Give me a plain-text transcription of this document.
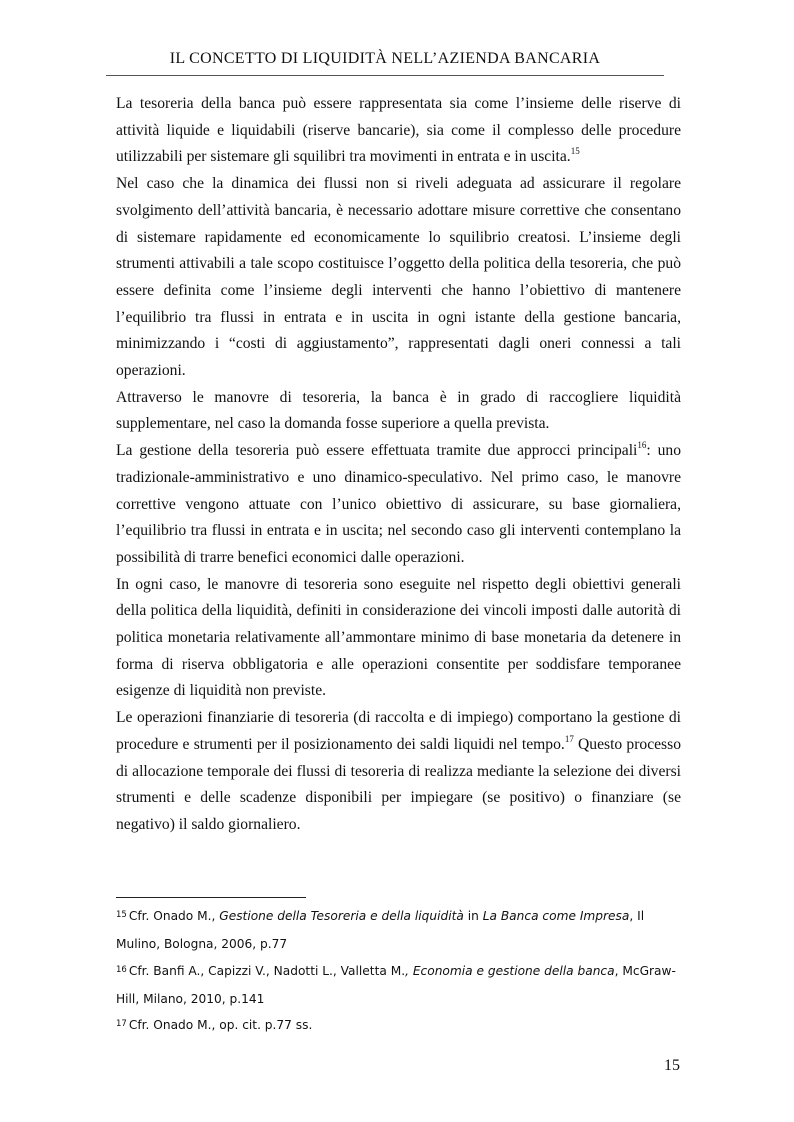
IL CONCETTO DI LIQUIDITÀ NELL’AZIENDA BANCARIA

La tesoreria della banca può essere rappresentata sia come l’insieme delle riserve di attività liquide e liquidabili (riserve bancarie), sia come il complesso delle procedure utilizzabili per sistemare gli squilibri tra movimenti in entrata e in uscita.$^{15}$

Nel caso che la dinamica dei flussi non si riveli adeguata ad assicurare il regolare svolgimento dell’attività bancaria, è necessario adottare misure correttive che consentano di sistemare rapidamente ed economicamente lo squilibrio creatosi. L’insieme degli strumenti attivabili a tale scopo costituisce l’oggetto della politica della tesoreria, che può essere definita come l’insieme degli interventi che hanno l’obiettivo di mantenere l’equilibrio tra flussi in entrata e in uscita in ogni istante della gestione bancaria, minimizzando i “costi di aggiustamento”, rappresentati dagli oneri connessi a tali operazioni.

Attraverso le manovre di tesoreria, la banca è in grado di raccogliere liquidità supplementare, nel caso la domanda fosse superiore a quella prevista.

La gestione della tesoreria può essere effettuata tramite due approcci principali$^{16}$: uno tradizionale-amministrativo e uno dinamico-speculativo. Nel primo caso, le manovre correttive vengono attuate con l’unico obiettivo di assicurare, su base giornaliera, l’equilibrio tra flussi in entrata e in uscita; nel secondo caso gli interventi contemplano la possibilità di trarre benefici economici dalle operazioni.

In ogni caso, le manovre di tesoreria sono eseguite nel rispetto degli obiettivi generali della politica della liquidità, definiti in considerazione dei vincoli imposti dalle autorità di politica monetaria relativamente all’ammontare minimo di base monetaria da detenere in forma di riserva obbligatoria e alle operazioni consentite per soddisfare temporanee esigenze di liquidità non previste.

Le operazioni finanziarie di tesoreria (di raccolta e di impiego) comportano la gestione di procedure e strumenti per il posizionamento dei saldi liquidi nel tempo.$^{17}$ Questo processo di allocazione temporale dei flussi di tesoreria di realizza mediante la selezione dei diversi strumenti e delle scadenze disponibili per impiegare (se positivo) o finanziare (se negativo) il saldo giornaliero.

$^{15}$ Cfr. Onado M., Gestione della Tesoreria e della liquidità in La Banca come Impresa, Il Mulino, Bologna, 2006, p.77

$^{16}$ Cfr. Banfi A., Capizzi V., Nadotti L., Valletta M., Economia e gestione della banca, McGraw-Hill, Milano, 2010, p.141

$^{17}$ Cfr. Onado M., op. cit. p.77 ss.

15
